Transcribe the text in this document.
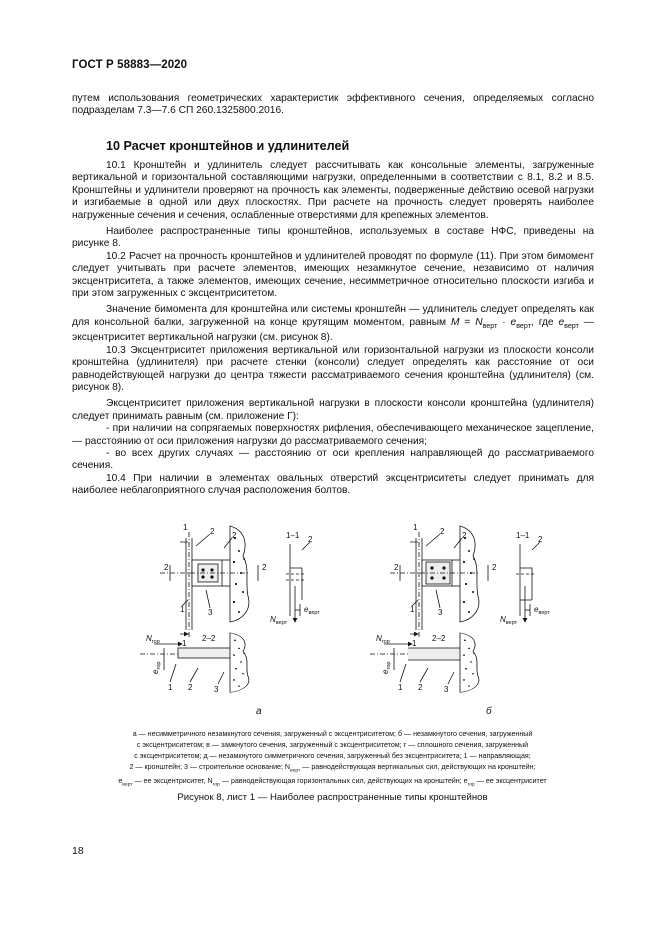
ГОСТ Р 58883—2020

путем использования геометрических характеристик эффективного сечения, определяемых согласно подразделам 7.3—7.6 СП 260.1325800.2016.

10 Расчет кронштейнов и удлинителей

10.1 Кронштейн и удлинитель следует рассчитывать как консольные элементы, загруженные вертикальной и горизонтальной составляющими нагрузки, определенными в соответствии с 8.1, 8.2 и 8.5. Кронштейны и удлинители проверяют на прочность как элементы, подверженные действию осевой нагрузки и изгибаемые в одной или двух плоскостях. При расчете на прочность следует проверять наиболее нагруженные сечения и сечения, ослабленные отверстиями для крепежных элементов.

Наиболее распространенные типы кронштейнов, используемых в составе НФС, приведены на рисунке 8.

10.2 Расчет на прочность кронштейнов и удлинителей проводят по формуле (11). При этом бимомент следует учитывать при расчете элементов, имеющих незамкнутое сечение, независимо от наличия эксцентриситета, а также элементов, имеющих сечение, несимметричное относительно плоскости изгиба и при этом загруженных с эксцентриситетом.

Значение бимомента для кронштейна или системы кронштейн — удлинитель следует определять как для консольной балки, загруженной на конце крутящим моментом, равным $M = N_{верт} \cdot e_{верт}$, где $e_{верт}$ — эксцентриситет вертикальной нагрузки (см. рисунок 8).

10.3 Эксцентриситет приложения вертикальной или горизонтальной нагрузки из плоскости консоли кронштейна (удлинителя) при расчете стенки (консоли) следует определять как расстояние от оси равнодействующей нагрузки до центра тяжести рассматриваемого сечения кронштейна (удлинителя) (см. рисунок 8).

Эксцентриситет приложения вертикальной нагрузки в плоскости консоли кронштейна (удлинителя) следует принимать равным (см. приложение Г):

- при наличии на сопрягаемых поверхностях рифления, обеспечивающего механическое зацепление, — расстоянию от оси приложения нагрузки до рассматриваемого сечения;

- во всех других случаях — расстоянию от оси крепления направляющей до рассматриваемого сечения.

10.4 При наличии в элементах овальных отверстий эксцентриситеты следует принимать для наиболее неблагоприятного случая расположения болтов.

1
1
2
2	2
2
3
1
1–1 2
$N_{верт}$
$e_{верт}$
2–2
$N_{гор}$
$e_{гор}$
1 2	3
а
1
1
2
2	2
2
3
1
1–1 2
$N_{верт}$
$e_{верт}$
2–2
$N_{гор}$
$e_{гор}$
1 2	3
б

а — несимметричного незамкнутого сечения, загруженный с эксцентриситетом; б — незамкнутого сечения, загруженный

с эксцентриситетом; в — замкнутого сечения, загруженный с эксцентриситетом; г — сплошного сечения, загруженный

с эксцентриситетом; д — незамкнутого симметричного сечения, загруженный без эксцентриситета; 1 — направляющая;

2 — кронштейн; 3 — строительное основание; $N_{верт}$ — равнодействующая вертикальных сил, действующих на кронштейн;

$e_{верт}$ — ее эксцентриситет, $N_{гор}$ — равнодействующая горизонтальных сил, действующих на кронштейн; $e_{гор}$ — ее эксцентриситет

Рисунок 8, лист 1 — Наиболее распространенные типы кронштейнов
18
